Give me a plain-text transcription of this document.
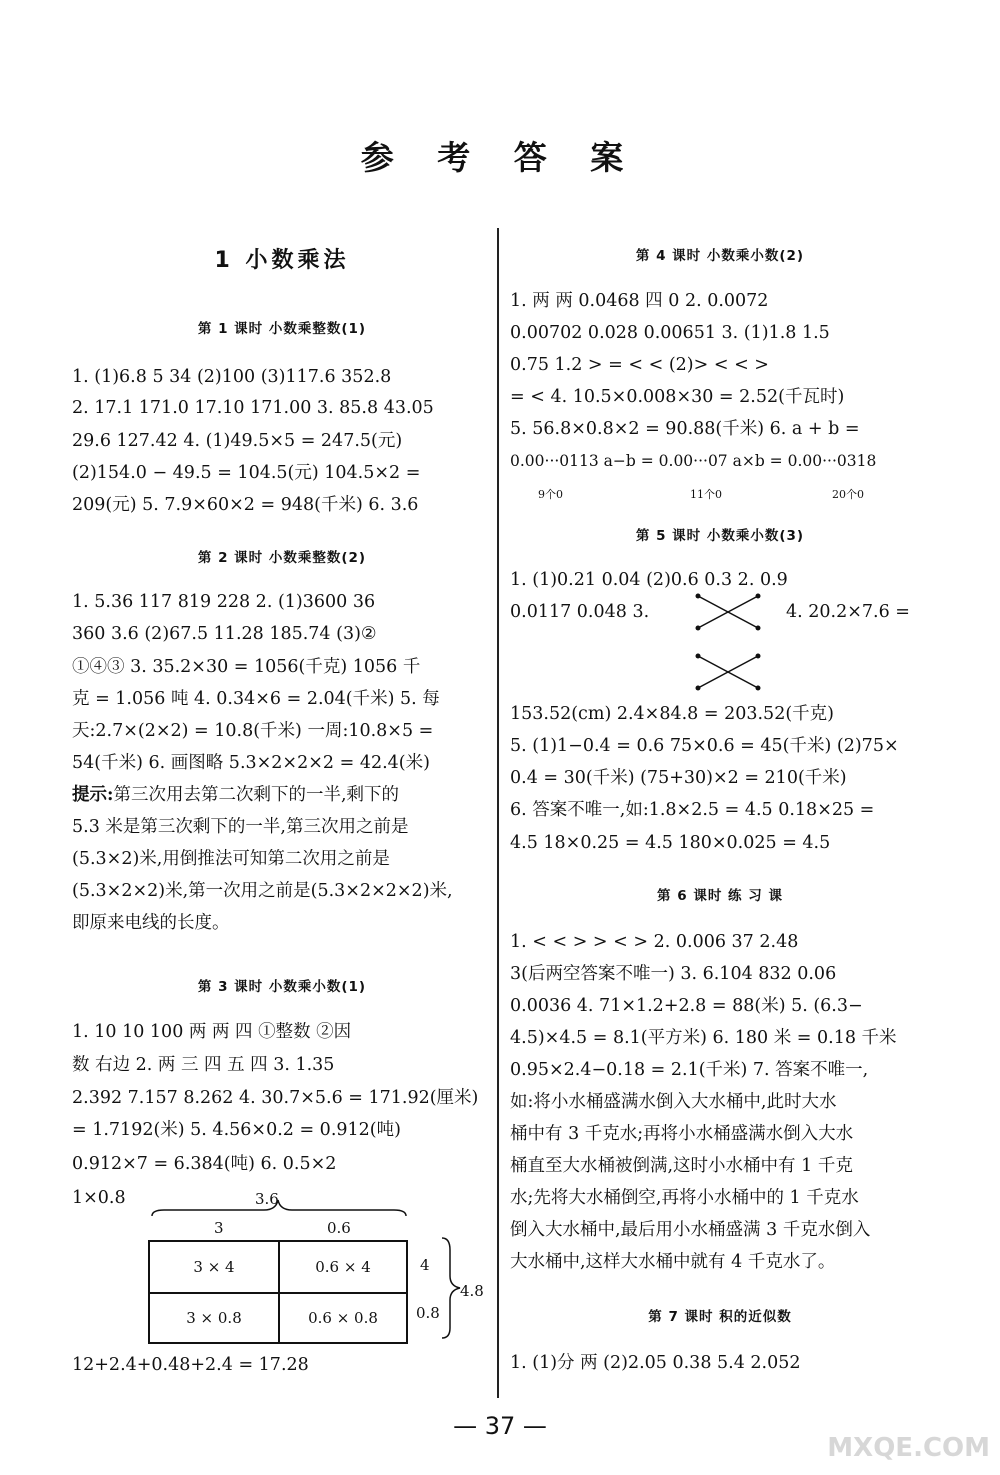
参 考 答 案
1 小数乘法
第 1 课时 小数乘整数(1)
1. (1)6.8 5 34 (2)100 (3)117.6 352.8
2. 17.1 171.0 17.10 171.00 3. 85.8 43.05
29.6 127.42 4. (1)49.5×5 = 247.5(元)
(2)154.0 − 49.5 = 104.5(元) 104.5×2 =
209(元) 5. 7.9×60×2 = 948(千米) 6. 3.6
第 2 课时 小数乘整数(2)
1. 5.36 117 819 228 2. (1)3600 36
360 3.6 (2)67.5 11.28 185.74 (3)②
①④③ 3. 35.2×30 = 1056(千克) 1056 千
克 = 1.056 吨 4. 0.34×6 = 2.04(千米) 5. 每
天:2.7×(2×2) = 10.8(千米) 一周:10.8×5 =
54(千米) 6. 画图略 5.3×2×2×2 = 42.4(米)
提示:第三次用去第二次剩下的一半,剩下的
5.3 米是第三次剩下的一半,第三次用之前是
(5.3×2)米,用倒推法可知第二次用之前是
(5.3×2×2)米,第一次用之前是(5.3×2×2×2)米,
即原来电线的长度。
第 3 课时 小数乘小数(1)
1. 10 10 100 两 两 四 ①整数 ②因
数 右边 2. 两 三 四 五 四 3. 1.35
2.392 7.157 8.262 4. 30.7×5.6 = 171.92(厘米)
= 1.7192(米) 5. 4.56×0.2 = 0.912(吨)
0.912×7 = 6.384(吨) 6. 0.5×2
1×0.8	3.6
3	0.6
3 × 4	0.6 × 4
3 × 0.8	0.6 × 0.8
4
0.8
4.8
12+2.4+0.48+2.4 = 17.28
第 4 课时 小数乘小数(2)
1. 两 两 0.0468 四 0 2. 0.0072
0.00702 0.028 0.00651 3. (1)1.8 1.5
0.75 1.2 > = < < (2)> < < >
= < 4. 10.5×0.008×30 = 2.52(千瓦时)
5. 56.8×0.8×2 = 90.88(千米) 6. a + b =
0.00···0113 a−b = 0.00···07 a×b = 0.00···0318
9个0	11个0	20个0
第 5 课时 小数乘小数(3)
1. (1)0.21 0.04 (2)0.6 0.3 2. 0.9
0.0117 0.048 3.	4. 20.2×7.6 =
153.52(cm) 2.4×84.8 = 203.52(千克)
5. (1)1−0.4 = 0.6 75×0.6 = 45(千米) (2)75×
0.4 = 30(千米) (75+30)×2 = 210(千米)
6. 答案不唯一,如:1.8×2.5 = 4.5 0.18×25 =
4.5 18×0.25 = 4.5 180×0.025 = 4.5
第 6 课时 练 习 课
1. < < > > < > 2. 0.006 37 2.48
3(后两空答案不唯一) 3. 6.104 832 0.06
0.0036 4. 71×1.2+2.8 = 88(米) 5. (6.3−
4.5)×4.5 = 8.1(平方米) 6. 180 米 = 0.18 千米
0.95×2.4−0.18 = 2.1(千米) 7. 答案不唯一,
如:将小水桶盛满水倒入大水桶中,此时大水
桶中有 3 千克水;再将小水桶盛满水倒入大水
桶直至大水桶被倒满,这时小水桶中有 1 千克
水;先将大水桶倒空,再将小水桶中的 1 千克水
倒入大水桶中,最后用小水桶盛满 3 千克水倒入
大水桶中,这样大水桶中就有 4 千克水了。
第 7 课时 积的近似数
1. (1)分 两 (2)2.05 0.38 5.4 2.052
— 37 —
MXQE.COM
